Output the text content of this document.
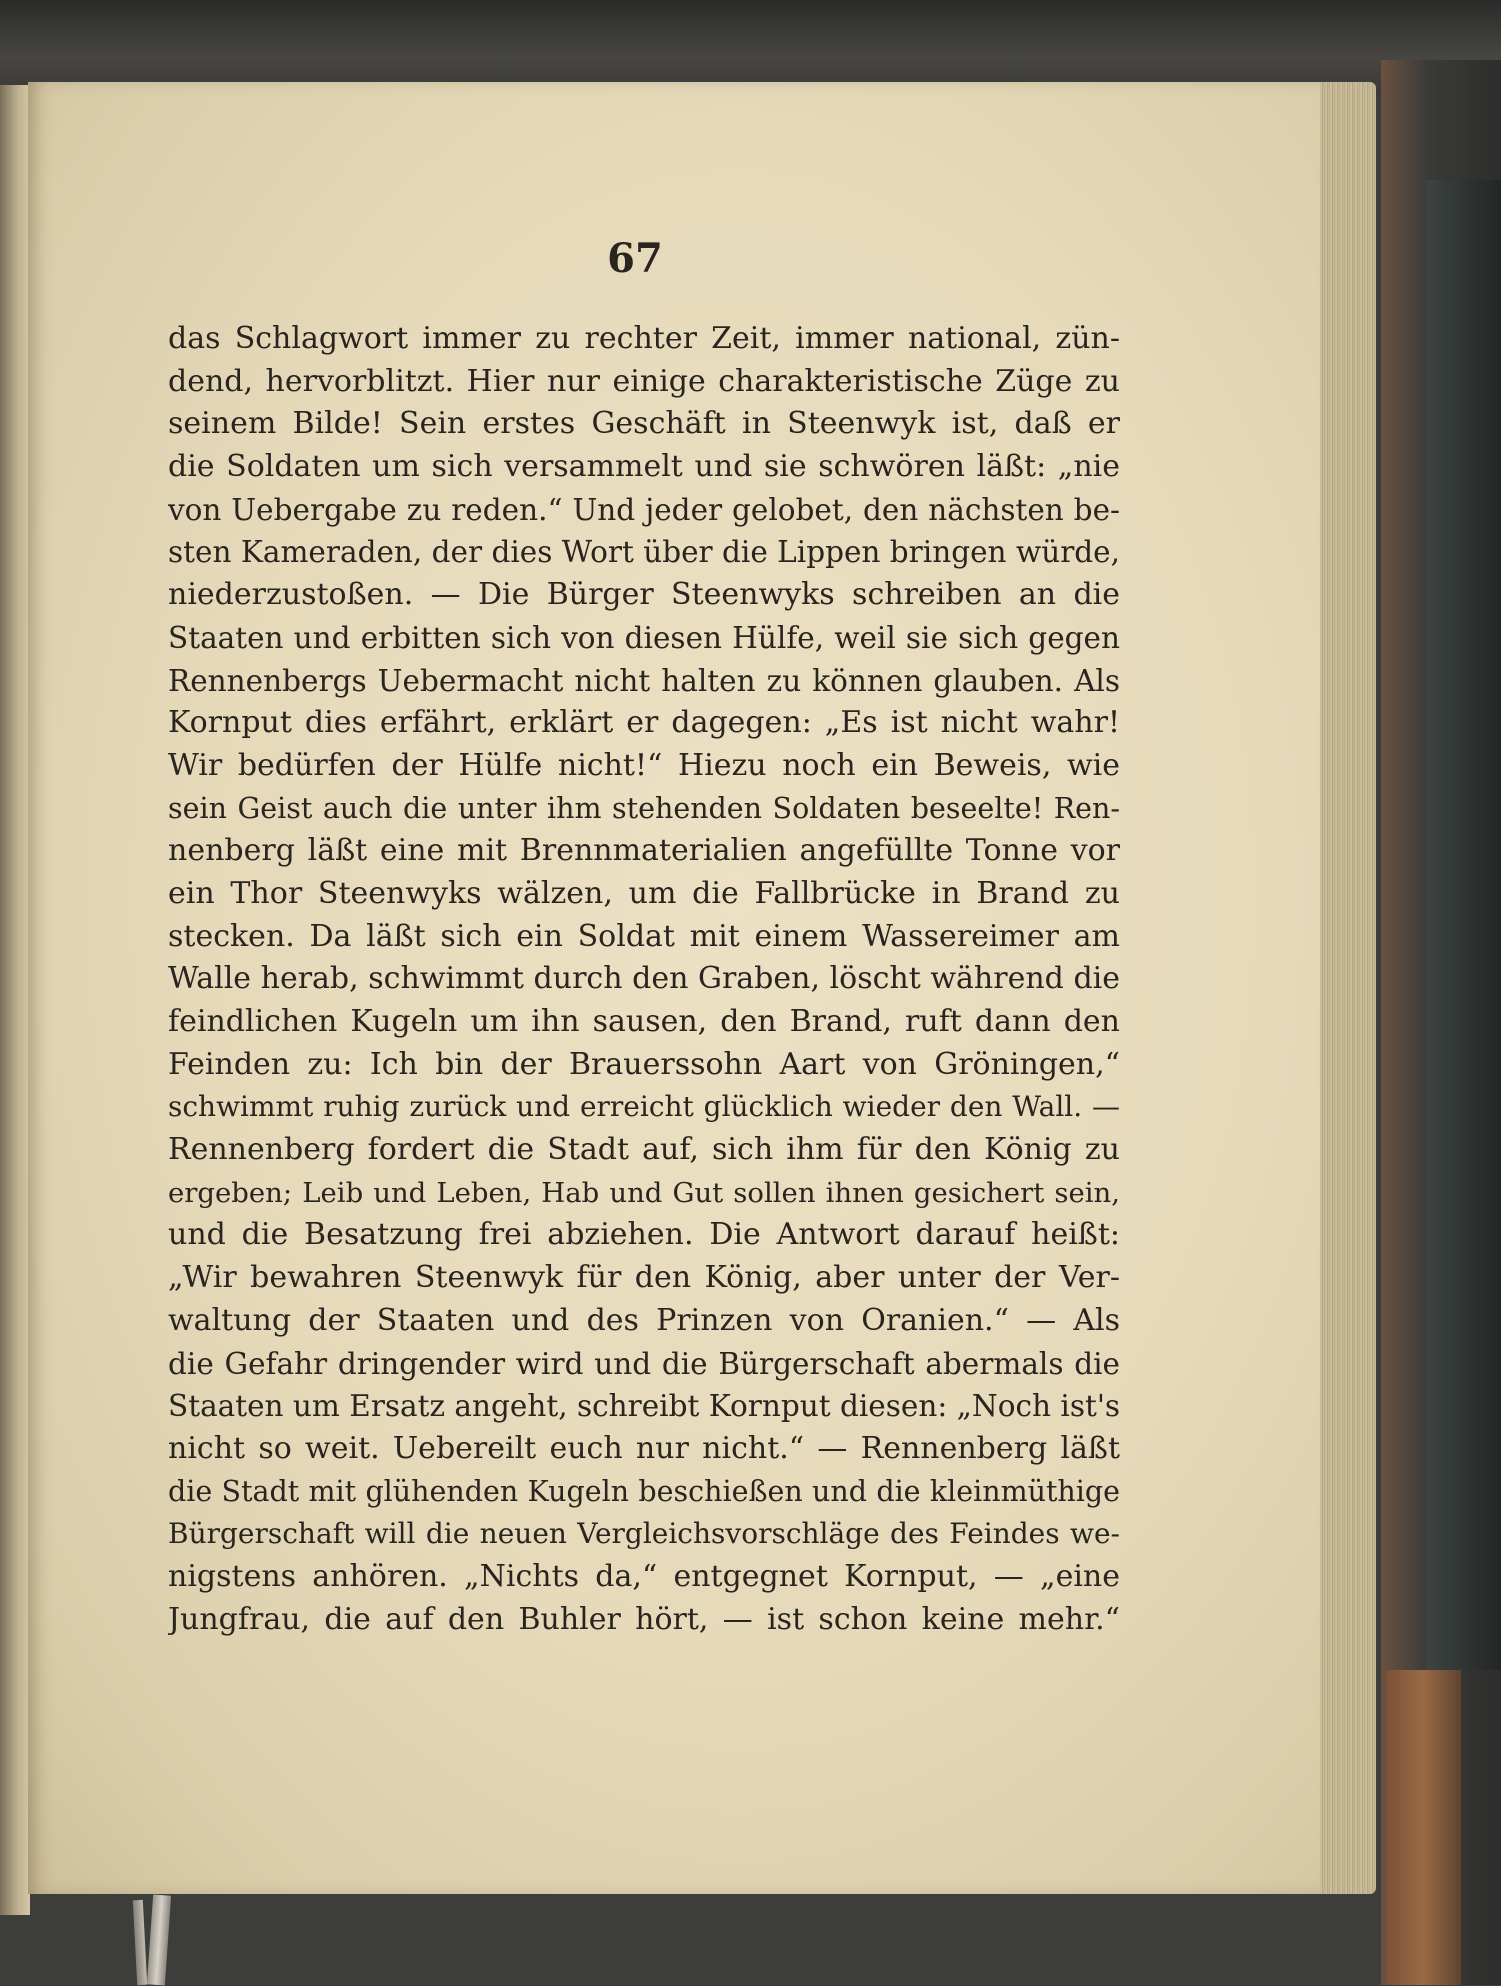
67
das Schlagwort immer zu rechter Zeit, immer national, zün-
dend, hervorblitzt. Hier nur einige charakteristische Züge zu
seinem Bilde! Sein erstes Geschäft in Steenwyk ist, daß er
die Soldaten um sich versammelt und sie schwören läßt: „nie
von Uebergabe zu reden.“ Und jeder gelobet, den nächsten be-
sten Kameraden, der dies Wort über die Lippen bringen würde,
niederzustoßen. — Die Bürger Steenwyks schreiben an die
Staaten und erbitten sich von diesen Hülfe, weil sie sich gegen
Rennenbergs Uebermacht nicht halten zu können glauben. Als
Kornput dies erfährt, erklärt er dagegen: „Es ist nicht wahr!
Wir bedürfen der Hülfe nicht!“ Hiezu noch ein Beweis, wie
sein Geist auch die unter ihm stehenden Soldaten beseelte! Ren-
nenberg läßt eine mit Brennmaterialien angefüllte Tonne vor
ein Thor Steenwyks wälzen, um die Fallbrücke in Brand zu
stecken. Da läßt sich ein Soldat mit einem Wassereimer am
Walle herab, schwimmt durch den Graben, löscht während die
feindlichen Kugeln um ihn sausen, den Brand, ruft dann den
Feinden zu: Ich bin der Brauerssohn Aart von Gröningen,“
schwimmt ruhig zurück und erreicht glücklich wieder den Wall. —
Rennenberg fordert die Stadt auf, sich ihm für den König zu
ergeben; Leib und Leben, Hab und Gut sollen ihnen gesichert sein,
und die Besatzung frei abziehen. Die Antwort darauf heißt:
„Wir bewahren Steenwyk für den König, aber unter der Ver-
waltung der Staaten und des Prinzen von Oranien.“ — Als
die Gefahr dringender wird und die Bürgerschaft abermals die
Staaten um Ersatz angeht, schreibt Kornput diesen: „Noch ist's
nicht so weit. Uebereilt euch nur nicht.“ — Rennenberg läßt
die Stadt mit glühenden Kugeln beschießen und die kleinmüthige
Bürgerschaft will die neuen Vergleichsvorschläge des Feindes we-
nigstens anhören. „Nichts da,“ entgegnet Kornput, — „eine
Jungfrau, die auf den Buhler hört, — ist schon keine mehr.“
